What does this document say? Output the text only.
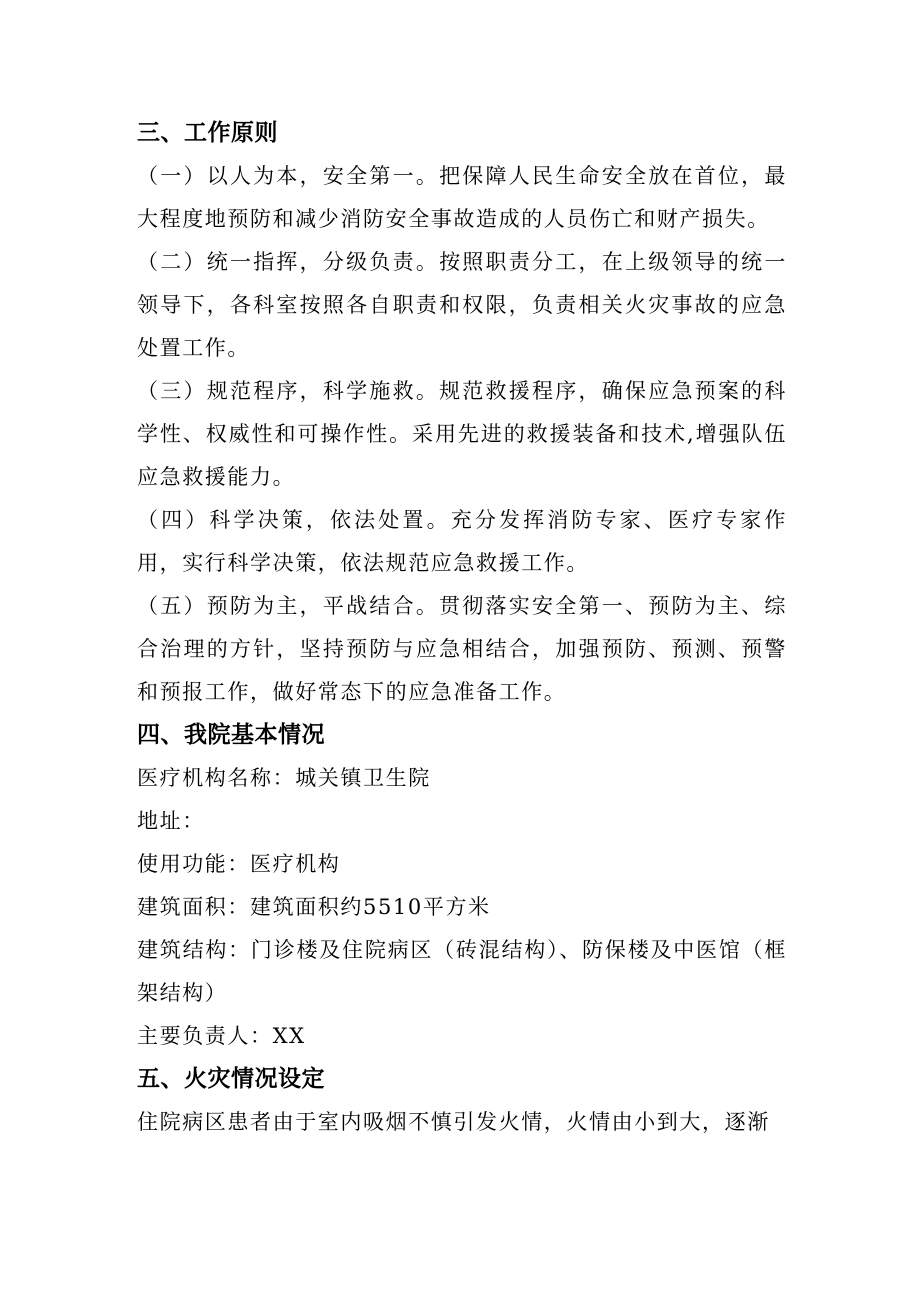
三、工作原则
（一）以人为本，安全第一。把保障人民生命安全放在首位，最大程度地预防和减少消防安全事故造成的人员伤亡和财产损失。
（二）统一指挥，分级负责。按照职责分工，在上级领导的统一领导下，各科室按照各自职责和权限，负责相关火灾事故的应急处置工作。
（三）规范程序，科学施救。规范救援程序，确保应急预案的科学性、权威性和可操作性。采用先进的救援装备和技术,增强队伍应急救援能力。
（四）科学决策，依法处置。充分发挥消防专家、医疗专家作用，实行科学决策，依法规范应急救援工作。
（五）预防为主，平战结合。贯彻落实安全第一、预防为主、综合治理的方针，坚持预防与应急相结合，加强预防、预测、预警和预报工作，做好常态下的应急准备工作。
四、我院基本情况
医疗机构名称：城关镇卫生院
地址：
使用功能：医疗机构
建筑面积：建筑面积约5510平方米
建筑结构：门诊楼及住院病区（砖混结构）、防保楼及中医馆（框架结构）
主要负责人：XX
五、火灾情况设定
住院病区患者由于室内吸烟不慎引发火情，火情由小到大，逐渐
